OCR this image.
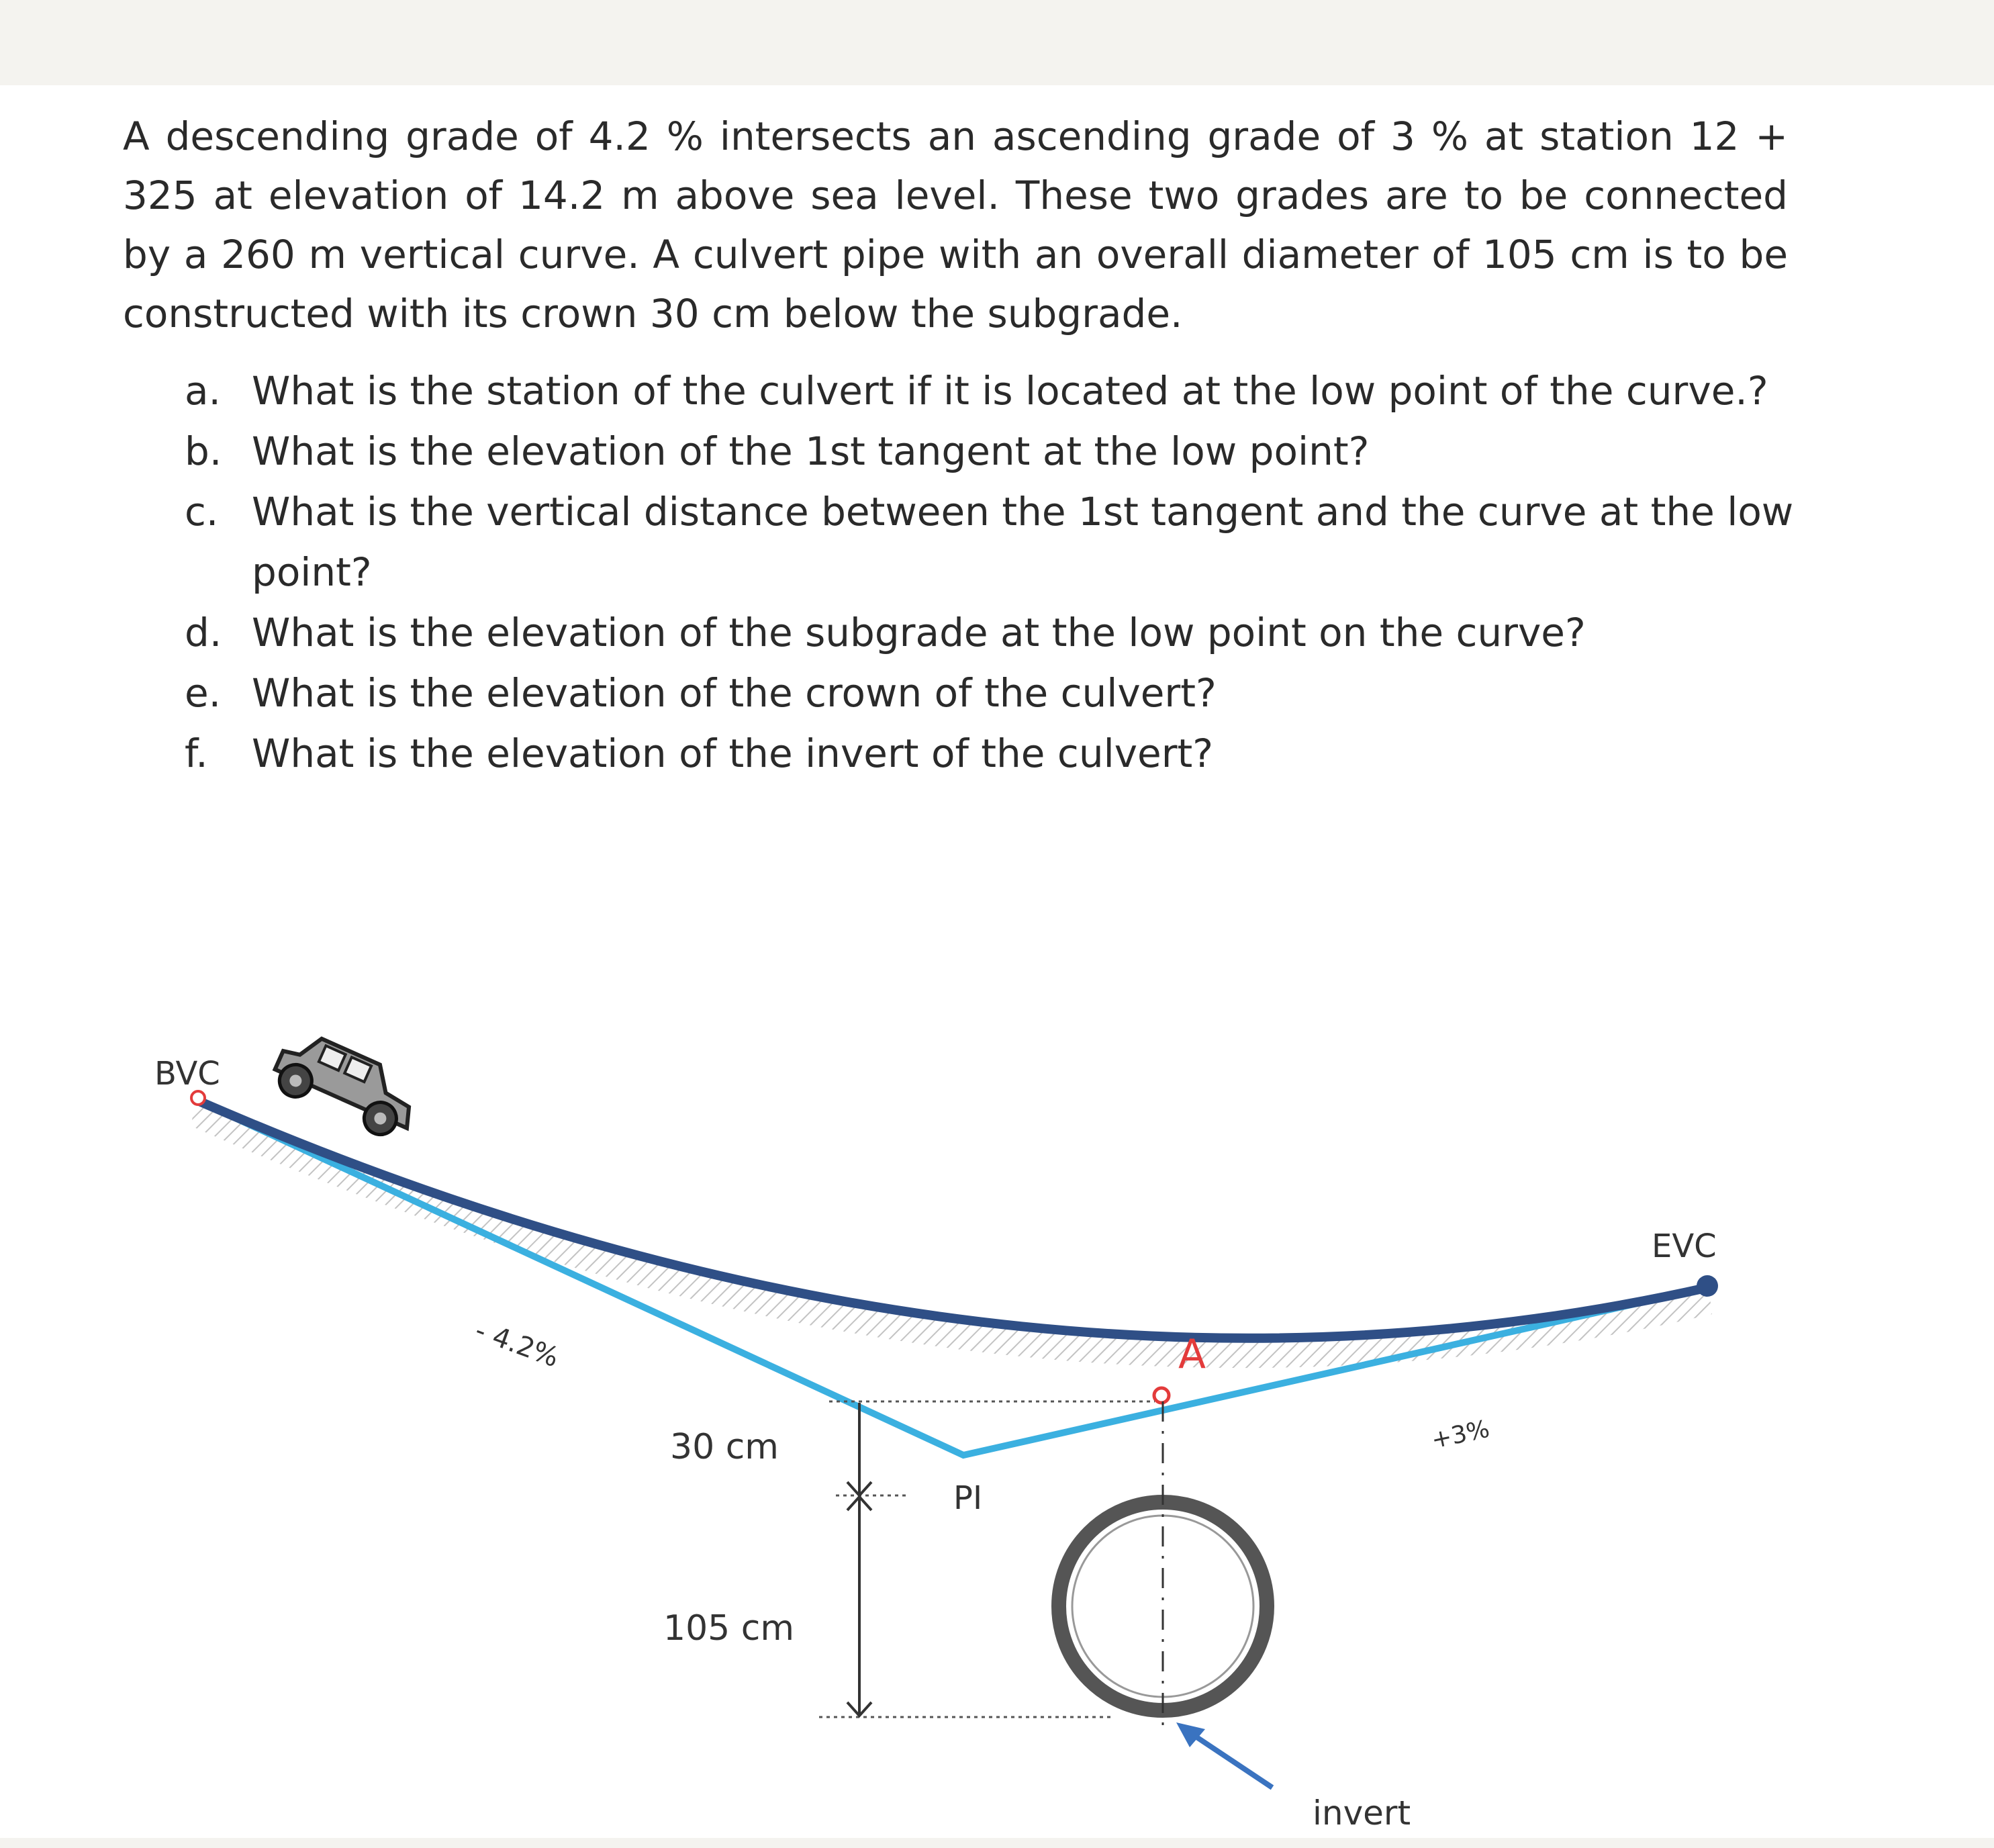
A descending grade of 4.2 % intersects an ascending grade of 3 % at station 12 + 325 at elevation of 14.2 m above sea level. These two grades are to be connected by a 260 m vertical curve. A culvert pipe with an overall diameter of 105 cm is to be constructed with its crown 30 cm below the subgrade.

a. What is the station of the culvert if it is located at the low point of the curve.?
b. What is the elevation of the 1st tangent at the low point?
c. What is the vertical distance between the 1st tangent and the curve at the low point?
d. What is the elevation of the subgrade at the low point on the curve?
e. What is the elevation of the crown of the culvert?
f. What is the elevation of the invert of the culvert?
BVC
EVC
- 4.2%
+3%
A
PI
30 cm
105 cm
invert
